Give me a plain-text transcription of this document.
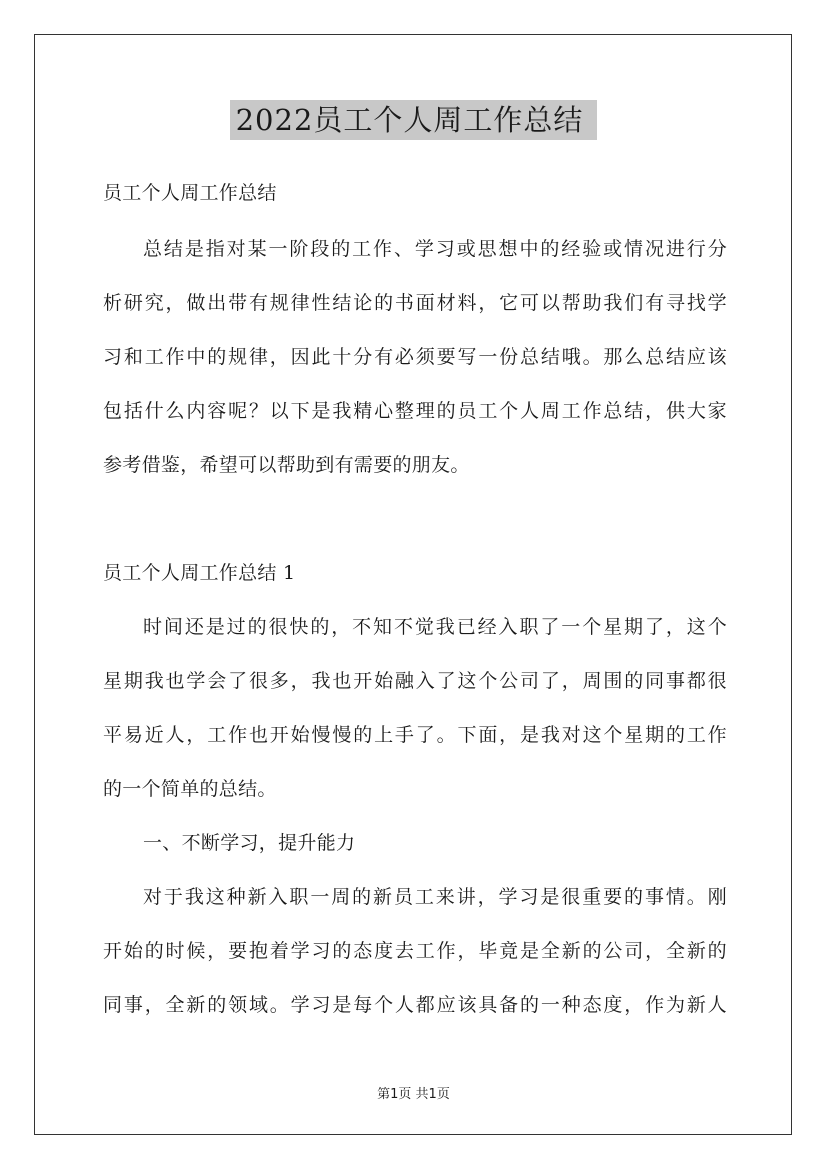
2022员工个人周工作总结
员工个人周工作总结
总结是指对某一阶段的工作、学习或思想中的经验或情况进行分
析研究，做出带有规律性结论的书面材料，它可以帮助我们有寻找学
习和工作中的规律，因此十分有必须要写一份总结哦。那么总结应该
包括什么内容呢？以下是我精心整理的员工个人周工作总结，供大家
参考借鉴，希望可以帮助到有需要的朋友。
员工个人周工作总结 1
时间还是过的很快的，不知不觉我已经入职了一个星期了，这个
星期我也学会了很多，我也开始融入了这个公司了，周围的同事都很
平易近人，工作也开始慢慢的上手了。下面，是我对这个星期的工作
的一个简单的总结。
一、不断学习，提升能力
对于我这种新入职一周的新员工来讲，学习是很重要的事情。刚
开始的时候，要抱着学习的态度去工作，毕竟是全新的公司，全新的
同事，全新的领域。学习是每个人都应该具备的一种态度，作为新人
第1页 共1页
